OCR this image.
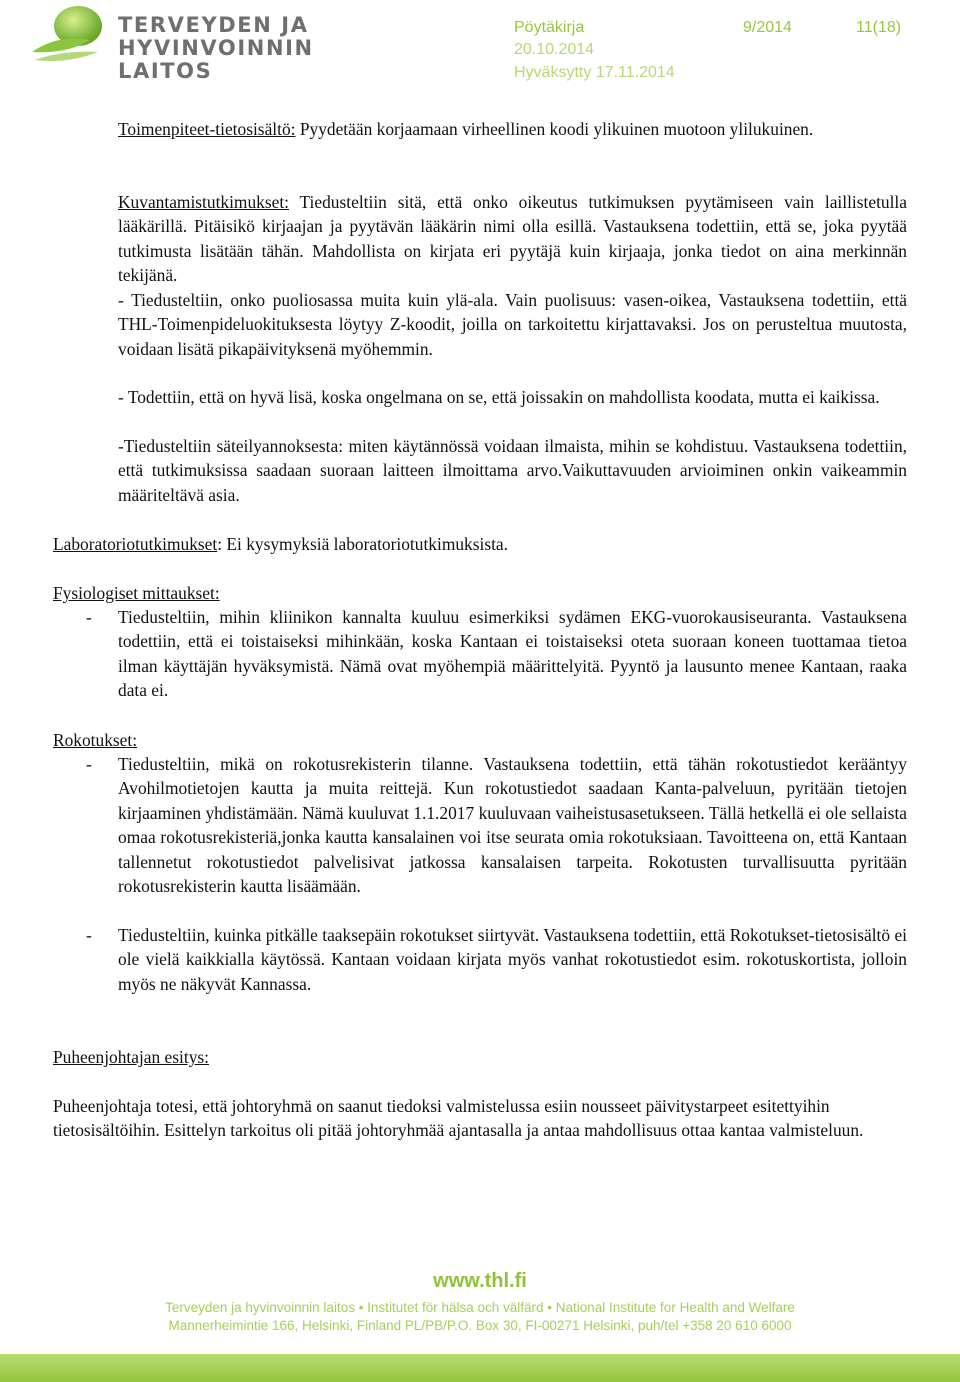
TERVEYDEN JA
HYVINVOINNIN LAITOS
Pöytäkirja	9/2014	11(18)
20.10.2014
Hyväksytty 17.11.2014

Toimenpiteet-tietosisältö: Pyydetään korjaamaan virheellinen koodi ylikuinen muotoon ylilukuinen.

Kuvantamistutkimukset: Tiedusteltiin sitä, että onko oikeutus tutkimuksen pyytämiseen vain laillistetulla lääkärillä. Pitäisikö kirjaajan ja pyytävän lääkärin nimi olla esillä. Vastauksena todettiin, että se, joka pyytää tutkimusta lisätään tähän. Mahdollista on kirjata eri pyytäjä kuin kirjaaja, jonka tiedot on aina merkinnän tekijänä.

- Tiedusteltiin, onko puoliosassa muita kuin ylä-ala. Vain puolisuus: vasen-oikea, Vastauksena todettiin, että THL-Toimenpideluokituksesta löytyy Z-koodit, joilla on tarkoitettu kirjattavaksi. Jos on perusteltua muutosta, voidaan lisätä pikapäivityksenä myöhemmin.

- Todettiin, että on hyvä lisä, koska ongelmana on se, että joissakin on mahdollista koodata, mutta ei kaikissa.

-Tiedusteltiin säteilyannoksesta: miten käytännössä voidaan ilmaista, mihin se kohdistuu. Vastauksena todettiin, että tutkimuksissa saadaan suoraan laitteen ilmoittama arvo.Vaikuttavuuden arvioiminen onkin vaikeammin määriteltävä asia.

Laboratoriotutkimukset: Ei kysymyksiä laboratoriotutkimuksista.

Fysiologiset mittaukset:

- Tiedusteltiin, mihin kliinikon kannalta kuuluu esimerkiksi sydämen EKG-vuorokausiseuranta. Vastauksena todettiin, että ei toistaiseksi mihinkään, koska Kantaan ei toistaiseksi oteta suoraan koneen tuottamaa tietoa ilman käyttäjän hyväksymistä. Nämä ovat myöhempiä määrittelyitä. Pyyntö ja lausunto menee Kantaan, raaka data ei.

Rokotukset:

- Tiedusteltiin, mikä on rokotusrekisterin tilanne. Vastauksena todettiin, että tähän rokotustiedot kerääntyy Avohilmotietojen kautta ja muita reittejä. Kun rokotustiedot saadaan Kanta-palveluun, pyritään tietojen kirjaaminen yhdistämään. Nämä kuuluvat 1.1.2017 kuuluvaan vaiheistusasetukseen. Tällä hetkellä ei ole sellaista omaa rokotusrekisteriä,jonka kautta kansalainen voi itse seurata omia rokotuksiaan. Tavoitteena on, että Kantaan tallennetut rokotustiedot palvelisivat jatkossa kansalaisen tarpeita. Rokotusten turvallisuutta pyritään rokotusrekisterin kautta lisäämään.

- Tiedusteltiin, kuinka pitkälle taaksepäin rokotukset siirtyvät. Vastauksena todettiin, että Rokotukset-tietosisältö ei ole vielä kaikkialla käytössä. Kantaan voidaan kirjata myös vanhat rokotustiedot esim. rokotuskortista, jolloin myös ne näkyvät Kannassa.

Puheenjohtajan esitys:

Puheenjohtaja totesi, että johtoryhmä on saanut tiedoksi valmistelussa esiin nousseet päivitystarpeet esitettyihin tietosisältöihin. Esittelyn tarkoitus oli pitää johtoryhmää ajantasalla ja antaa mahdollisuus ottaa kantaa valmisteluun.

www.thl.fi
Terveyden ja hyvinvoinnin laitos • Institutet för hälsa och välfärd • National Institute for Health and Welfare
Mannerheimintie 166, Helsinki, Finland PL/PB/P.O. Box 30, FI-00271 Helsinki, puh/tel +358 20 610 6000
